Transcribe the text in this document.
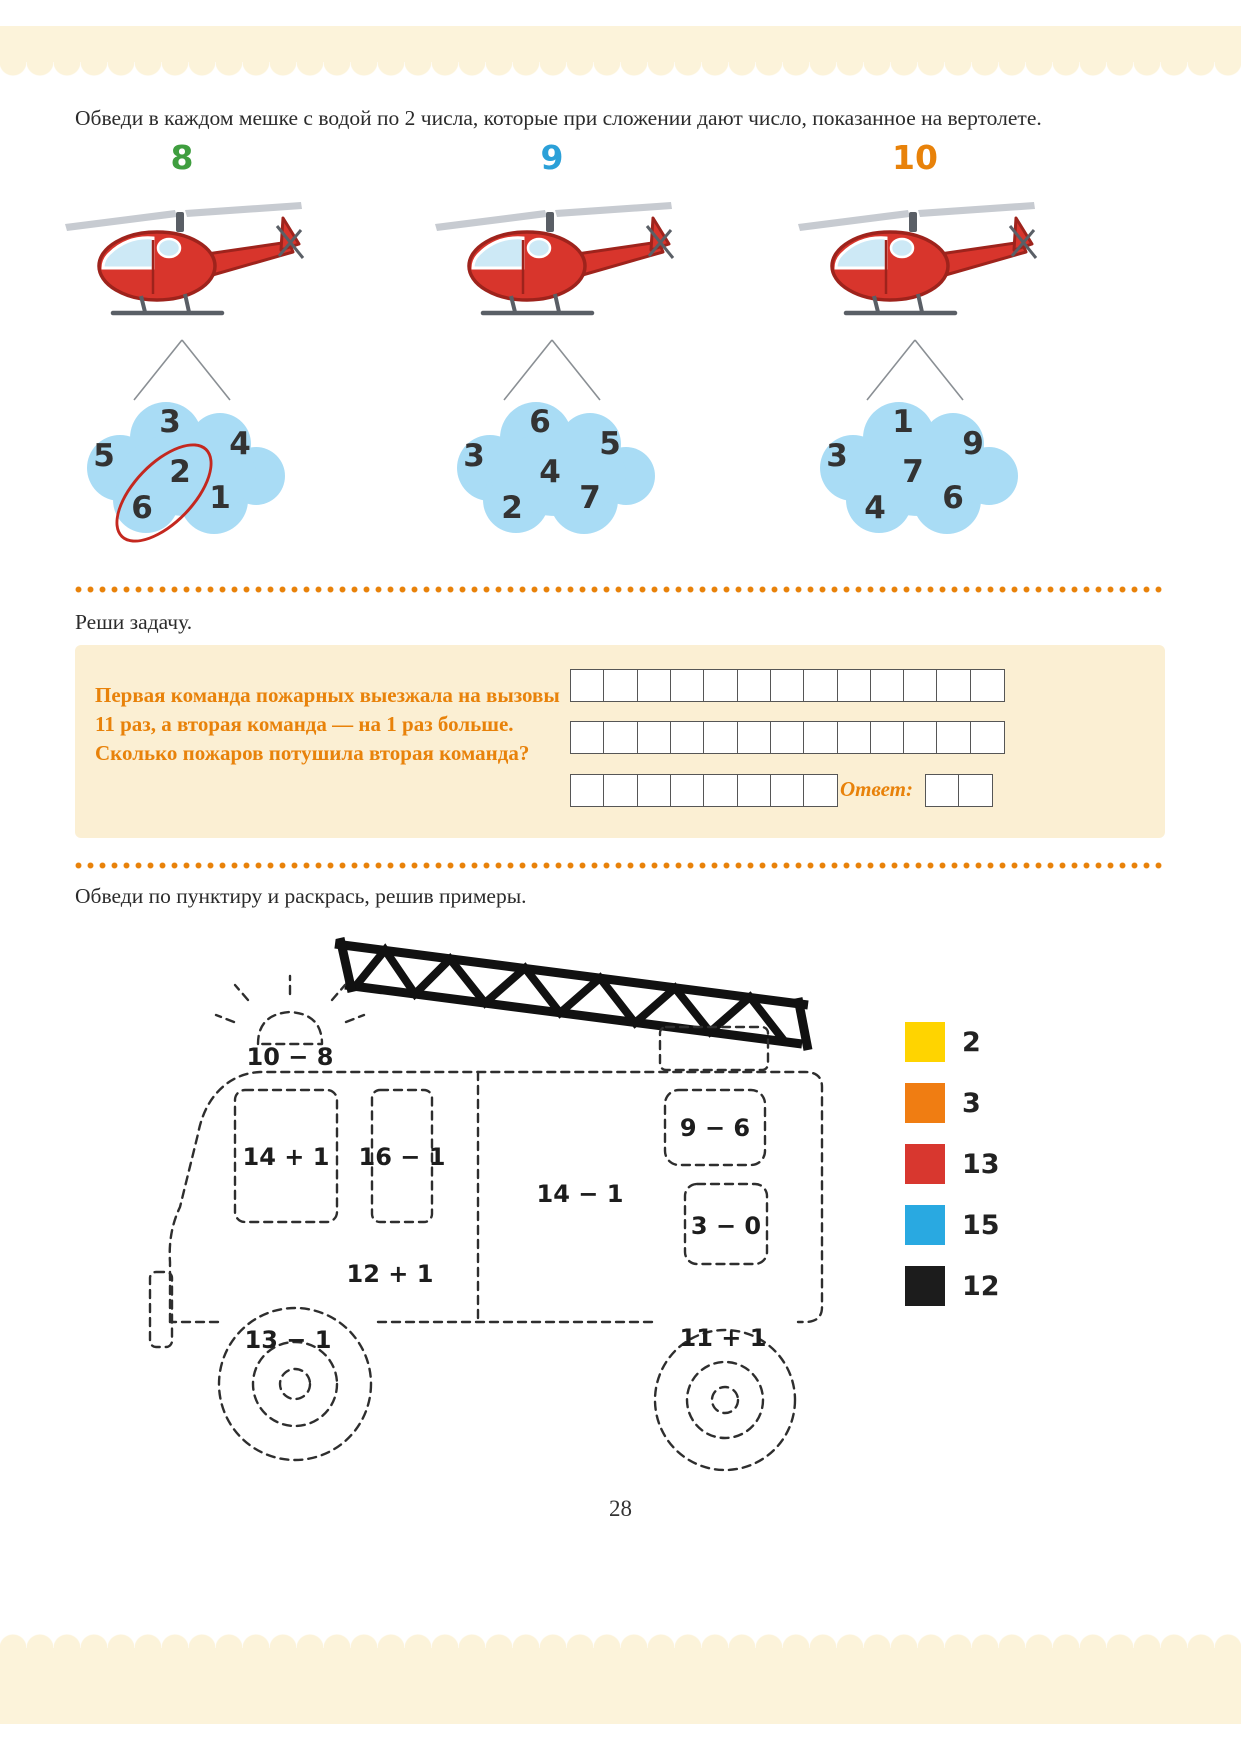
Обведи в каждом мешке с водой по 2 числа, которые при сложении дают число, показанное на вертолете.

8
3
5	4
2
6 1
9
6
3	5
4
2 7
10
1
3	9
7
4 6
Реши задачу.
Первая команда пожарных выезжала на вызовы 11 раз, а вторая команда — на 1 раз больше. Сколько пожаров потушила вторая команда?
Ответ:
Обведи по пунктиру и раскрась, решив примеры.
10 − 8
14 + 1 16 − 1
9 − 6
14 − 1
3 − 0
12 + 1
13 − 1	11 + 1
2
3
13
15
12
28
